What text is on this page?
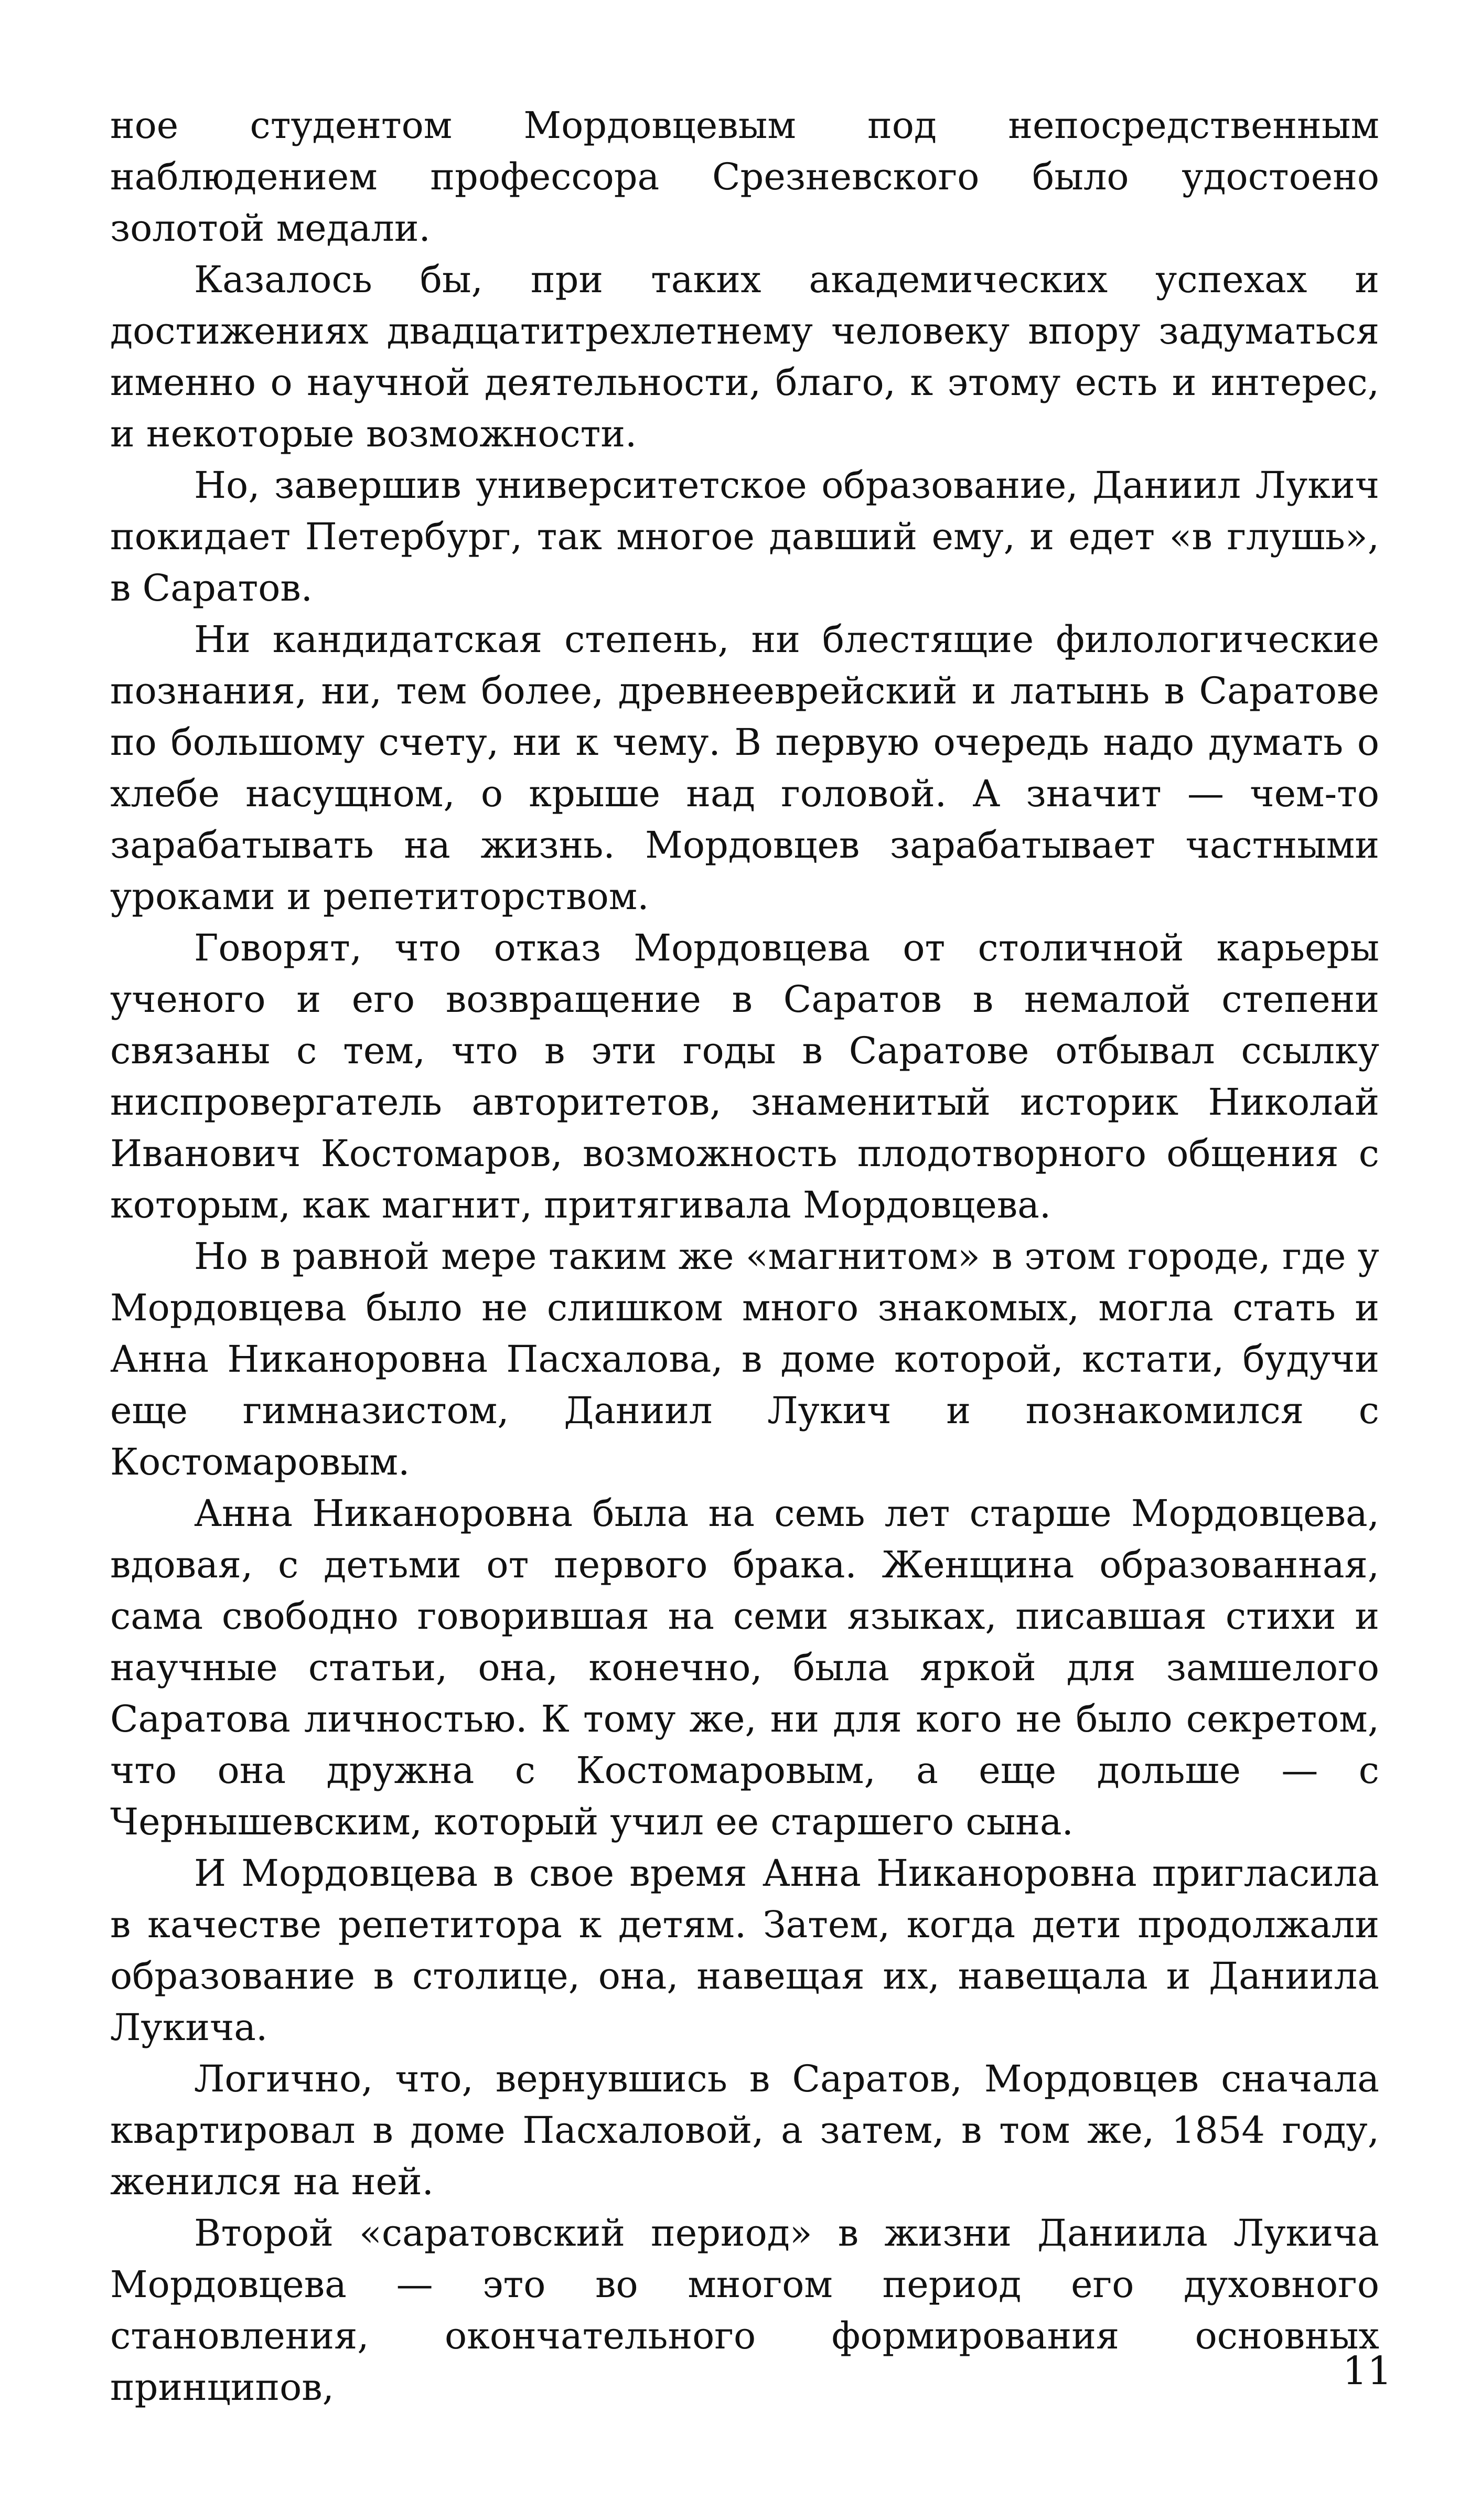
ное студентом Мордовцевым под непосредственным наблюдением профессора Срезневского было удостоено золотой медали.

Казалось бы, при таких академических успехах и достижениях двадцатитрехлетнему человеку впору задуматься именно о научной деятельности, благо, к этому есть и интерес, и некоторые возможности.

Но, завершив университетское образование, Даниил Лукич покидает Петербург, так многое давший ему, и едет «в глушь», в Саратов.

Ни кандидатская степень, ни блестящие филологические познания, ни, тем более, древнееврейский и латынь в Саратове по большому счету, ни к чему. В первую очередь надо думать о хлебе насущном, о крыше над головой. А значит — чем-то зарабатывать на жизнь. Мордовцев зарабатывает частными уроками и репетиторством.

Говорят, что отказ Мордовцева от столичной карьеры ученого и его возвращение в Саратов в немалой степени связаны с тем, что в эти годы в Саратове отбывал ссылку ниспровергатель авторитетов, знаменитый историк Николай Иванович Костомаров, возможность плодотворного общения с которым, как магнит, притягивала Мордовцева.

Но в равной мере таким же «магнитом» в этом городе, где у Мордовцева было не слишком много знакомых, могла стать и Анна Никаноровна Пасхалова, в доме которой, кстати, будучи еще гимназистом, Даниил Лукич и познакомился с Костомаровым.

Анна Никаноровна была на семь лет старше Мордовцева, вдовая, с детьми от первого брака. Женщина образованная, сама свободно говорившая на семи языках, писавшая стихи и научные статьи, она, конечно, была яркой для замшелого Саратова личностью. К тому же, ни для кого не было секретом, что она дружна с Костомаровым, а еще дольше — с Чернышевским, который учил ее старшего сына.

И Мордовцева в свое время Анна Никаноровна пригласила в качестве репетитора к детям. Затем, когда дети продолжали образование в столице, она, навещая их, навещала и Даниила Лукича.

Логично, что, вернувшись в Саратов, Мордовцев сначала квартировал в доме Пасхаловой, а затем, в том же, 1854 году, женился на ней.

Второй «саратовский период» в жизни Даниила Лукича Мордовцева — это во многом период его духовного становления, окончательного формирования основных принципов,	11
